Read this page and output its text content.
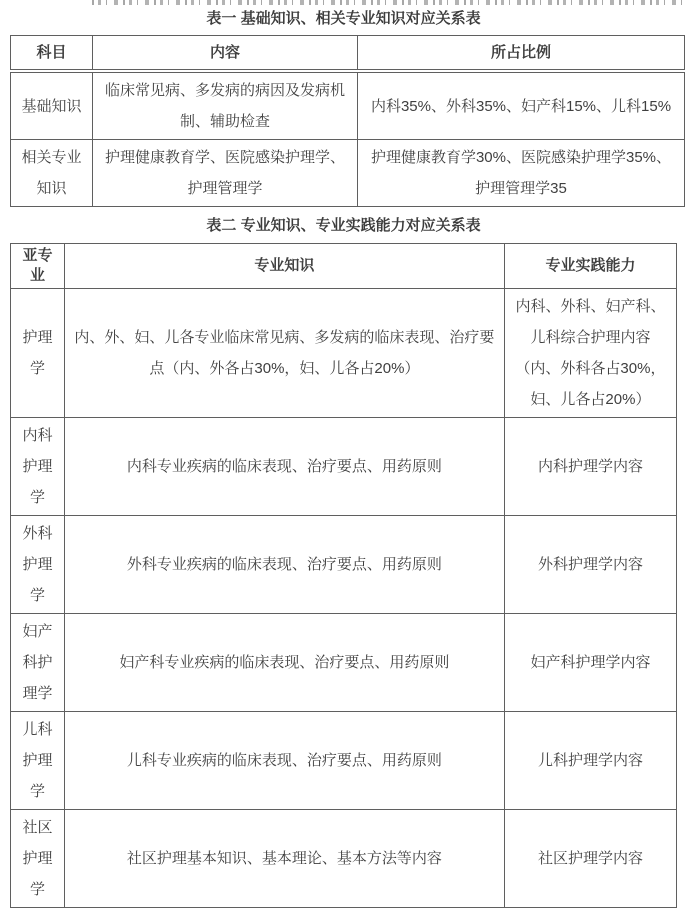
表一 基础知识、相关专业知识对应关系表
科目	内容	所占比例
基础知识	临床常见病、多发病的病因及发病机制、辅助检查	内科35%、外科35%、妇产科15%、儿科15%
相关专业知识	护理健康教育学、医院感染护理学、护理管理学	护理健康教育学30%、医院感染护理学35%、护理管理学35
表二 专业知识、专业实践能力对应关系表
亚专业	专业知识	专业实践能力
护理学	内、外、妇、儿各专业临床常见病、多发病的临床表现、治疗要点（内、外各占30%，妇、儿各占20%）	内科、外科、妇产科、儿科综合护理内容（内、外科各占30%，妇、儿各占20%）
内科护理学	内科专业疾病的临床表现、治疗要点、用药原则	内科护理学内容
外科护理学	外科专业疾病的临床表现、治疗要点、用药原则	外科护理学内容
妇产科护理学	妇产科专业疾病的临床表现、治疗要点、用药原则	妇产科护理学内容
儿科护理学	儿科专业疾病的临床表现、治疗要点、用药原则	儿科护理学内容
社区护理学	社区护理基本知识、基本理论、基本方法等内容	社区护理学内容
